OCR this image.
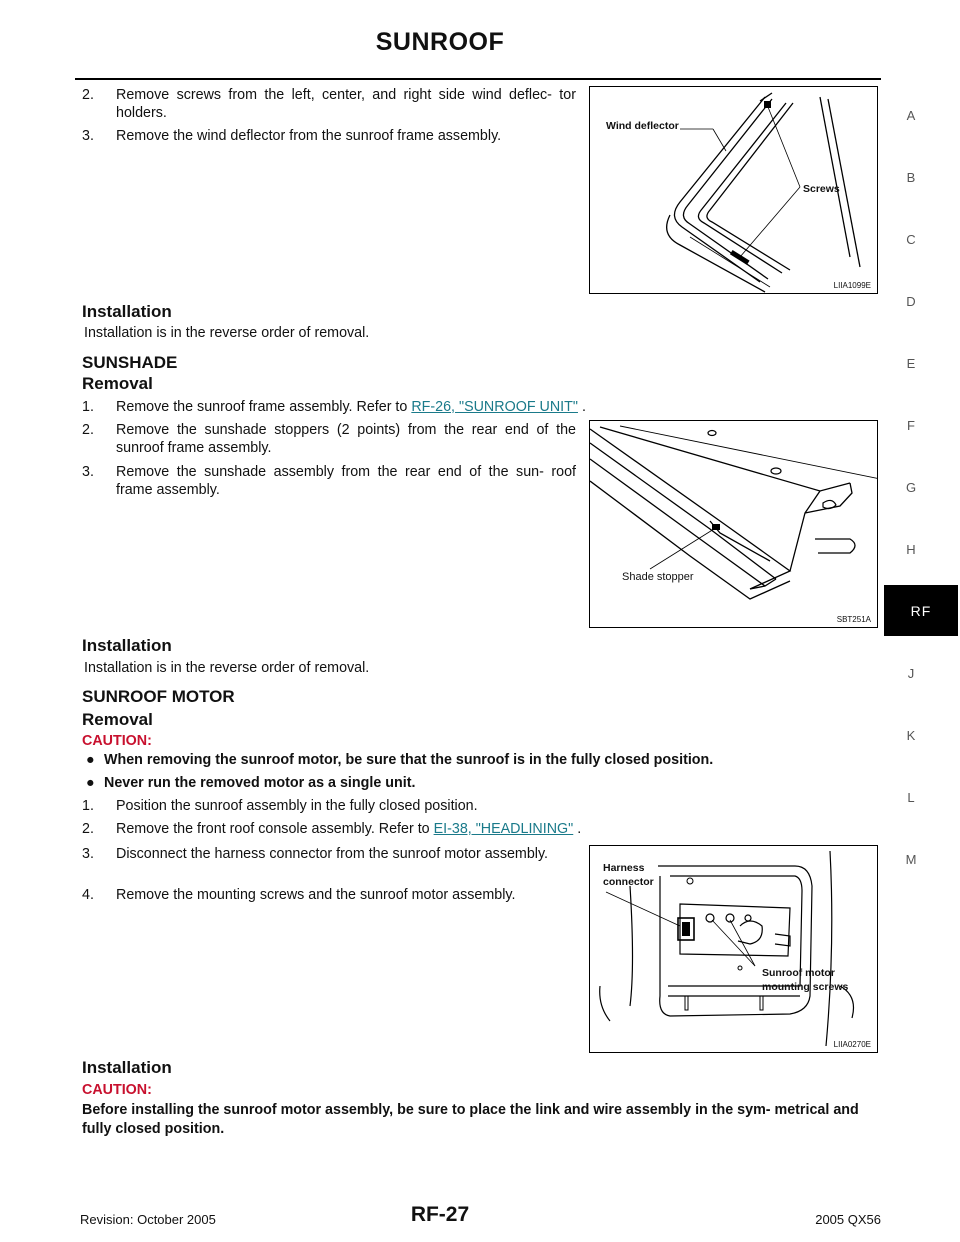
SUNROOF
A
B
C
D
E
F
G
H
RF
J
K
L
M
2.	Remove screws from the left, center, and right side wind deflec- tor holders.
3.	Remove the wind deflector from the sunroof frame assembly.
Wind deflector
Screws
LIIA1099E
Installation
Installation is in the reverse order of removal.
SUNSHADE
Removal
1.	Remove the sunroof frame assembly. Refer to RF-26, "SUNROOF UNIT" .
2.	Remove the sunshade stoppers (2 points) from the rear end of the sunroof frame assembly.
3.	Remove the sunshade assembly from the rear end of the sun- roof frame assembly.
Shade stopper
SBT251A
Installation
Installation is in the reverse order of removal.
SUNROOF MOTOR
Removal
CAUTION:
● When removing the sunroof motor, be sure that the sunroof is in the fully closed position.
● Never run the removed motor as a single unit.
1.	Position the sunroof assembly in the fully closed position.
2.	Remove the front roof console assembly. Refer to EI-38, "HEADLINING" .
3.	Disconnect the harness connector from the sunroof motor assembly.
4.	Remove the mounting screws and the sunroof motor assembly.
Harness
connector
Sunroof motor
mounting screws
LIIA0270E
Installation
CAUTION:
Before installing the sunroof motor assembly, be sure to place the link and wire assembly in the sym- metrical and fully closed position.
Revision: October 2005	RF-27	2005 QX56
